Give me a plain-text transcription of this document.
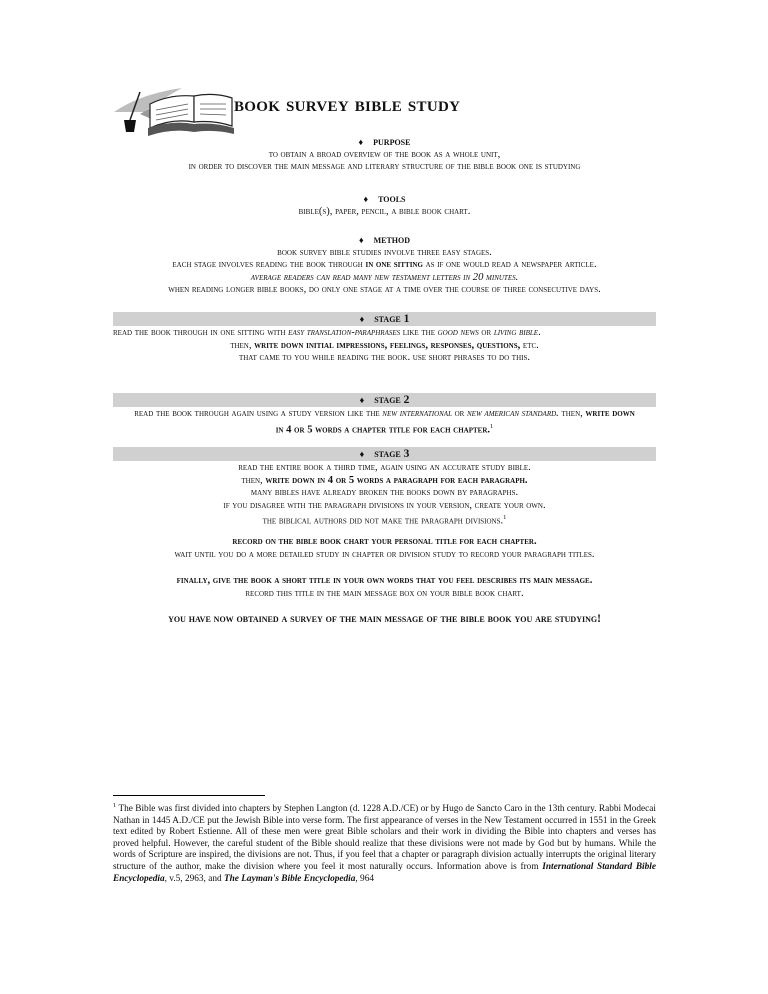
book survey bible study
♦ purpose
to obtain a broad overview of the book as a whole unit,
in order to discover the main message and literary structure of the bible book one is studying
♦ tools
bible(s), paper, pencil, a bible book chart.
♦ method
book survey bible studies involve three easy stages.
each stage involves reading the book through in one sitting as if one would read a newspaper article.
average readers can read many new testament letters in 20 minutes.
when reading longer bible books, do only one stage at a time over the course of three consecutive days.
♦ stage 1
read the book through in one sitting with easy translation-paraphrases like the good news or living bible.
then, write down initial impressions, feelings, responses, questions, etc.
that came to you while reading the book. use short phrases to do this.
♦ stage 2
read the book through again using a study version like the new international or new american standard. then, write down in 4 or 5 words a chapter title for each chapter.$^1$
♦ stage 3
read the entire book a third time, again using an accurate study bible.
then, write down in 4 or 5 words a paragraph for each paragraph.
many bibles have already broken the books down by paragraphs.
if you disagree with the paragraph divisions in your version, create your own.
the biblical authors did not make the paragraph divisions.$^1$
record on the bible book chart your personal title for each chapter.
wait until you do a more detailed study in chapter or division study to record your paragraph titles.
finally, give the book a short title in your own words that you feel describes its main message.
record this title in the main message box on your bible book chart.
you have now obtained a survey of the main message of the bible book you are studying!
$^1$ The Bible was first divided into chapters by Stephen Langton (d. 1228 A.D./CE) or by Hugo de Sancto Caro in the 13th century. Rabbi Modecai Nathan in 1445 A.D./CE put the Jewish Bible into verse form. The first appearance of verses in the New Testament occurred in 1551 in the Greek text edited by Robert Estienne. All of these men were great Bible scholars and their work in dividing the Bible into chapters and verses has proved helpful. However, the careful student of the Bible should realize that these divisions were not made by God but by humans. While the words of Scripture are inspired, the divisions are not. Thus, if you feel that a chapter or paragraph division actually interrupts the original literary structure of the author, make the division where you feel it most naturally occurs. Information above is from International Standard Bible Encyclopedia, v.5, 2963, and The Layman's Bible Encyclopedia, 964
